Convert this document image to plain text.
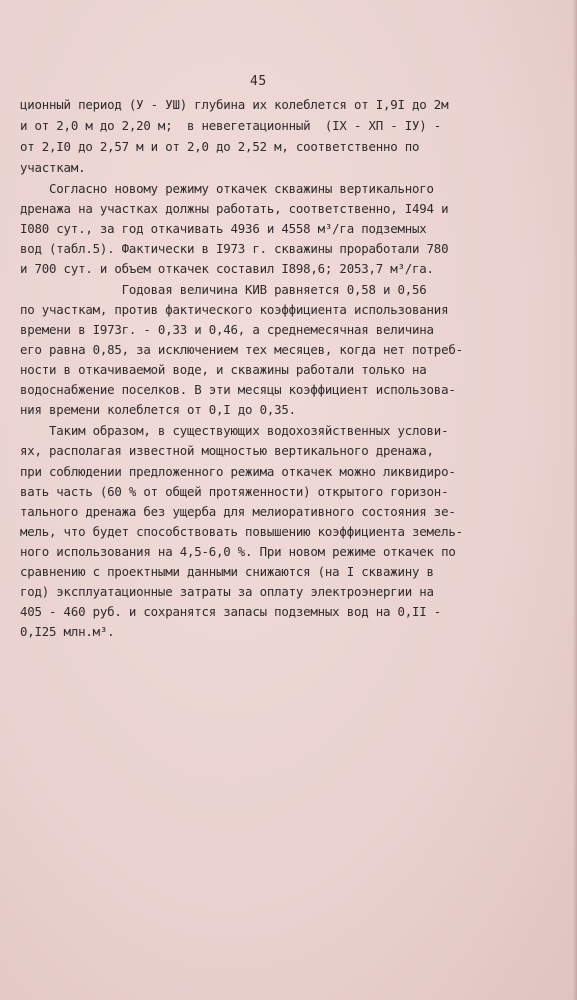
45
ционный период (У - УШ) глубина их колеблется от I,9I до 2м
и от 2,0 м до 2,20 м;  в невегетационный  (IX - ХП - IУ) -
от 2,I0 до 2,57 м и от 2,0 до 2,52 м, соответственно по
участкам.
Согласно новому режиму откачек скважины вертикального
дренажа на участках должны работать, соответственно, I494 и
I080 сут., за год откачивать 4936 и 4558 м³/га подземных
вод (табл.5). Фактически в I973 г. скважины проработали 780
и 700 сут. и объем откачек составил I898,6; 2053,7 м³/га.
Годовая величина КИВ равняется 0,58 и 0,56
по участкам, против фактического коэффициента использования
времени в I973г. - 0,33 и 0,46, а среднемесячная величина
его равна 0,85, за исключением тех месяцев, когда нет потреб-
ности в откачиваемой воде, и скважины работали только на
водоснабжение поселков. В эти месяцы коэффициент использова-
ния времени колеблется от 0,I до 0,35.
Таким образом, в существующих водохозяйственных услови-
ях, располагая известной мощностью вертикального дренажа,
при соблюдении предложенного режима откачек можно ликвидиро-
вать часть (60 % от общей протяженности) открытого горизон-
тального дренажа без ущерба для мелиоративного состояния зе-
мель, что будет способствовать повышению коэффициента земель-
ного использования на 4,5-6,0 %. При новом режиме откачек по
сравнению с проектными данными снижаются (на I скважину в
год) эксплуатационные затраты за оплату электроэнергии на
405 - 460 руб. и сохранятся запасы подземных вод на 0,II -
0,I25 млн.м³.
